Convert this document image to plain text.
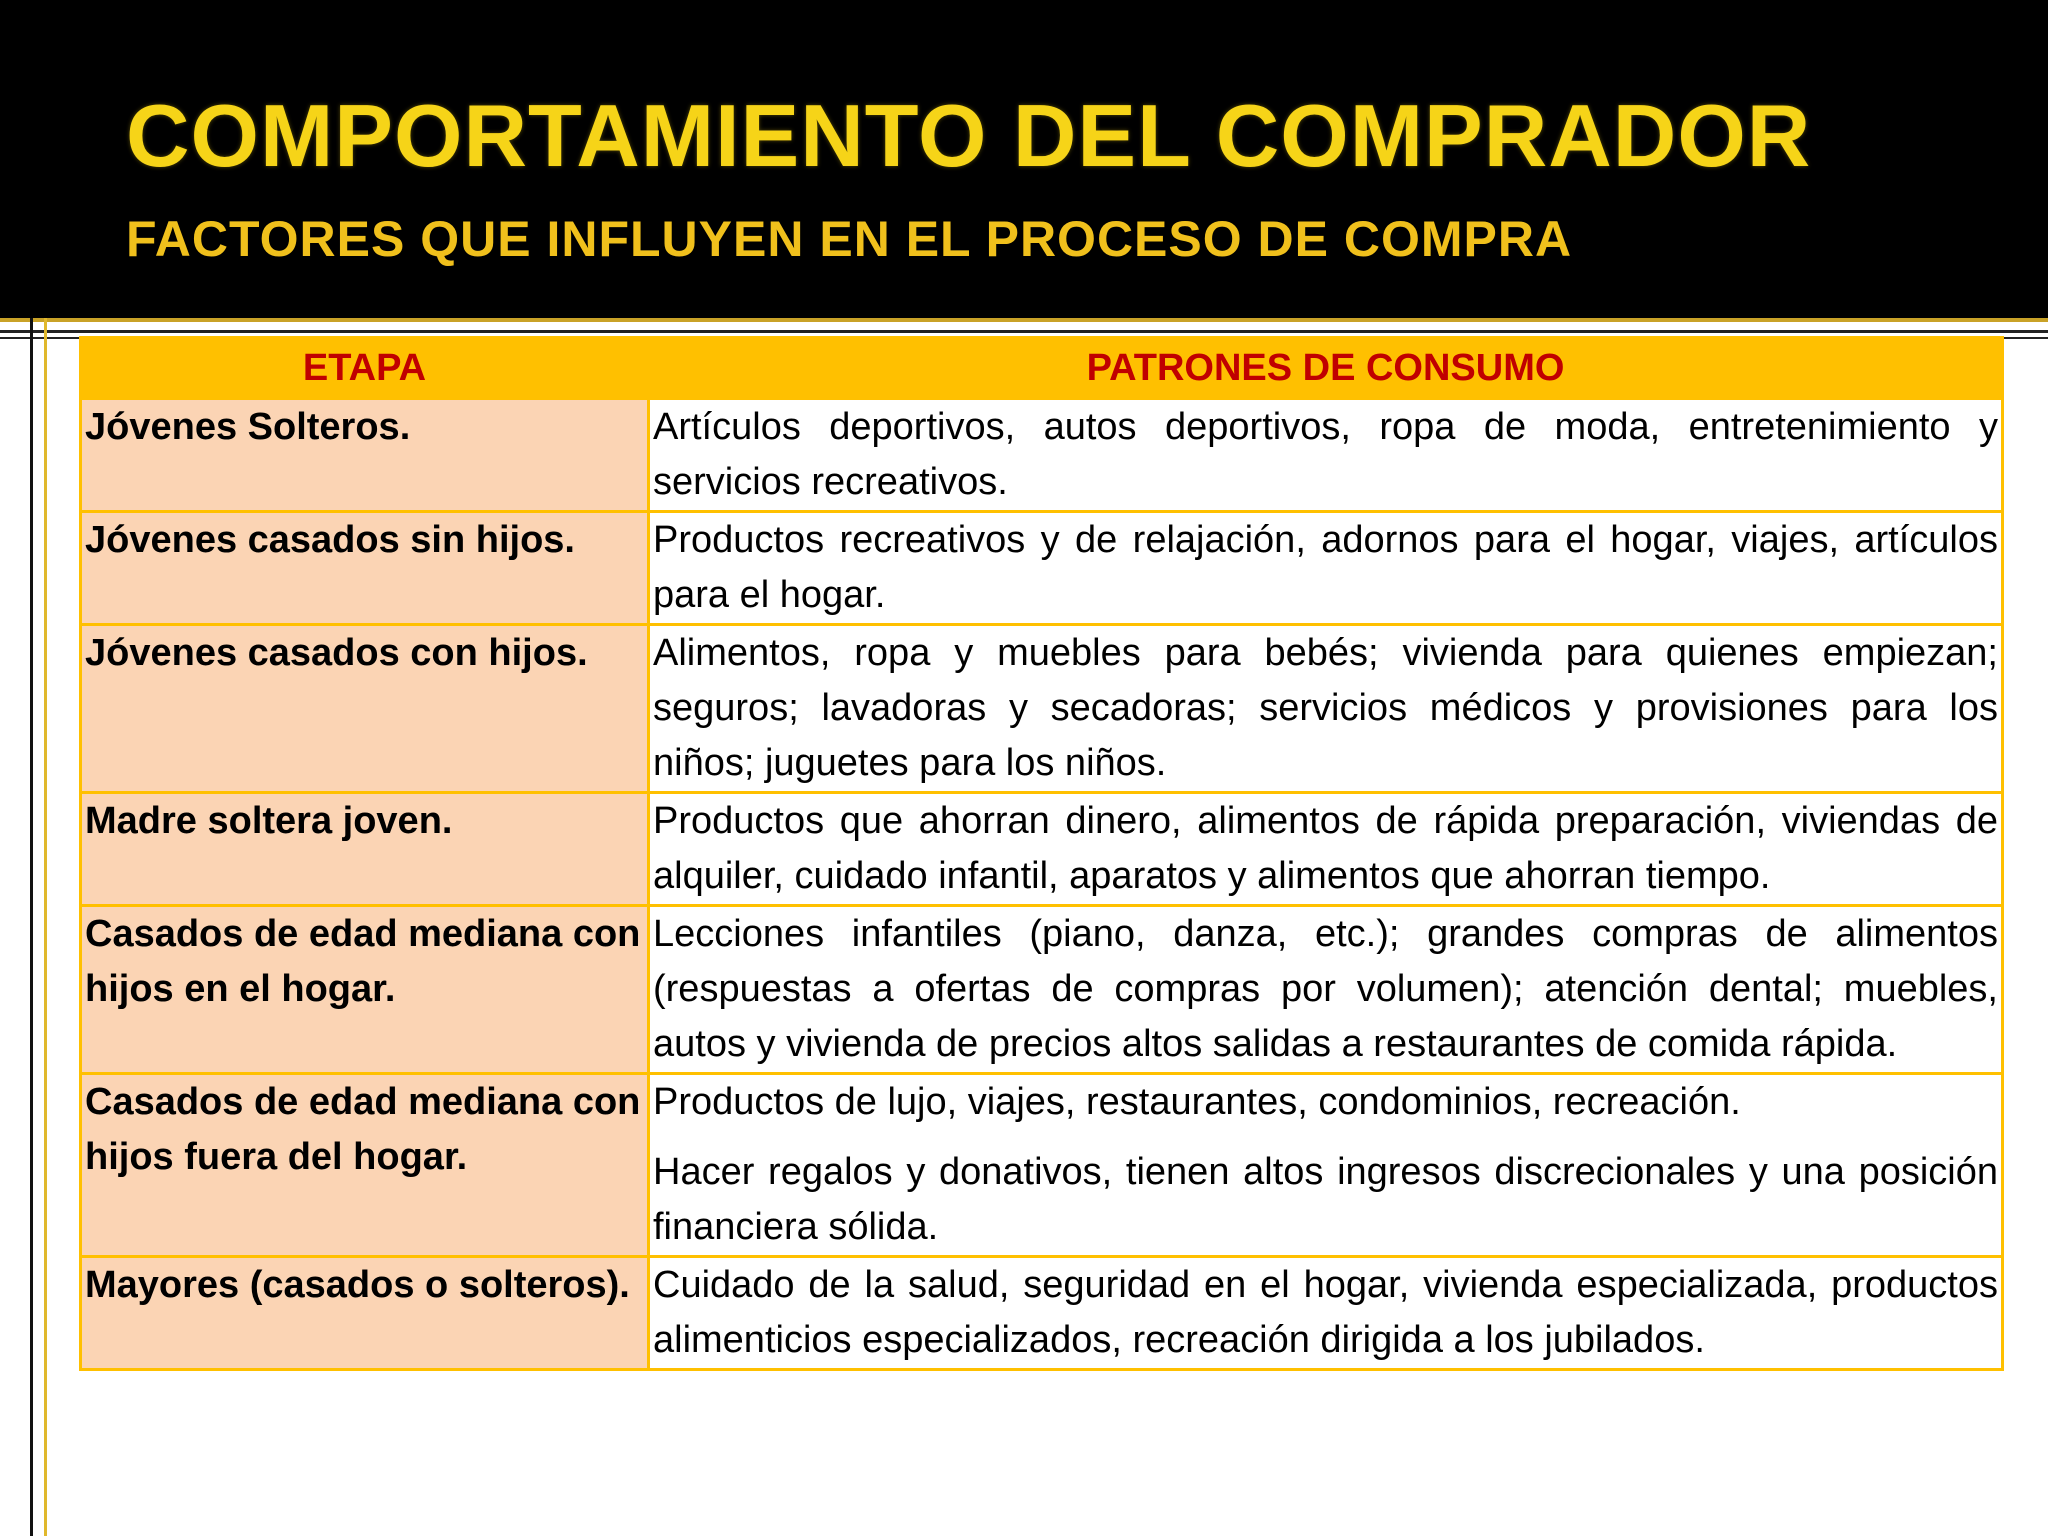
COMPORTAMIENTO DEL COMPRADOR
FACTORES QUE INFLUYEN EN EL PROCESO DE COMPRA
ETAPA	PATRONES DE CONSUMO
Jóvenes Solteros.	Artículos deportivos, autos deportivos, ropa de moda, entretenimiento y servicios recreativos.

Jóvenes casados sin hijos.	Productos recreativos y de relajación, adornos para el hogar, viajes, artículos para el hogar.

Jóvenes casados con hijos.	Alimentos, ropa y muebles para bebés; vivienda para quienes empiezan; seguros; lavadoras y secadoras; servicios médicos y provisiones para los niños; juguetes para los niños.

Madre soltera joven.	Productos que ahorran dinero, alimentos de rápida preparación, viviendas de alquiler, cuidado infantil, aparatos y alimentos que ahorran tiempo.

Casados de edad mediana con hijos en el hogar.	Lecciones infantiles (piano, danza, etc.); grandes compras de alimentos (respuestas a ofertas de compras por volumen); atención dental; muebles, autos y vivienda de precios altos salidas a restaurantes de comida rápida.

Casados de edad mediana con hijos fuera del hogar.	Productos de lujo, viajes, restaurantes, condominios, recreación.

Hacer regalos y donativos, tienen altos ingresos discrecionales y una posición financiera sólida.

Mayores (casados o solteros).	Cuidado de la salud, seguridad en el hogar, vivienda especializada, productos alimenticios especializados, recreación dirigida a los jubilados.
